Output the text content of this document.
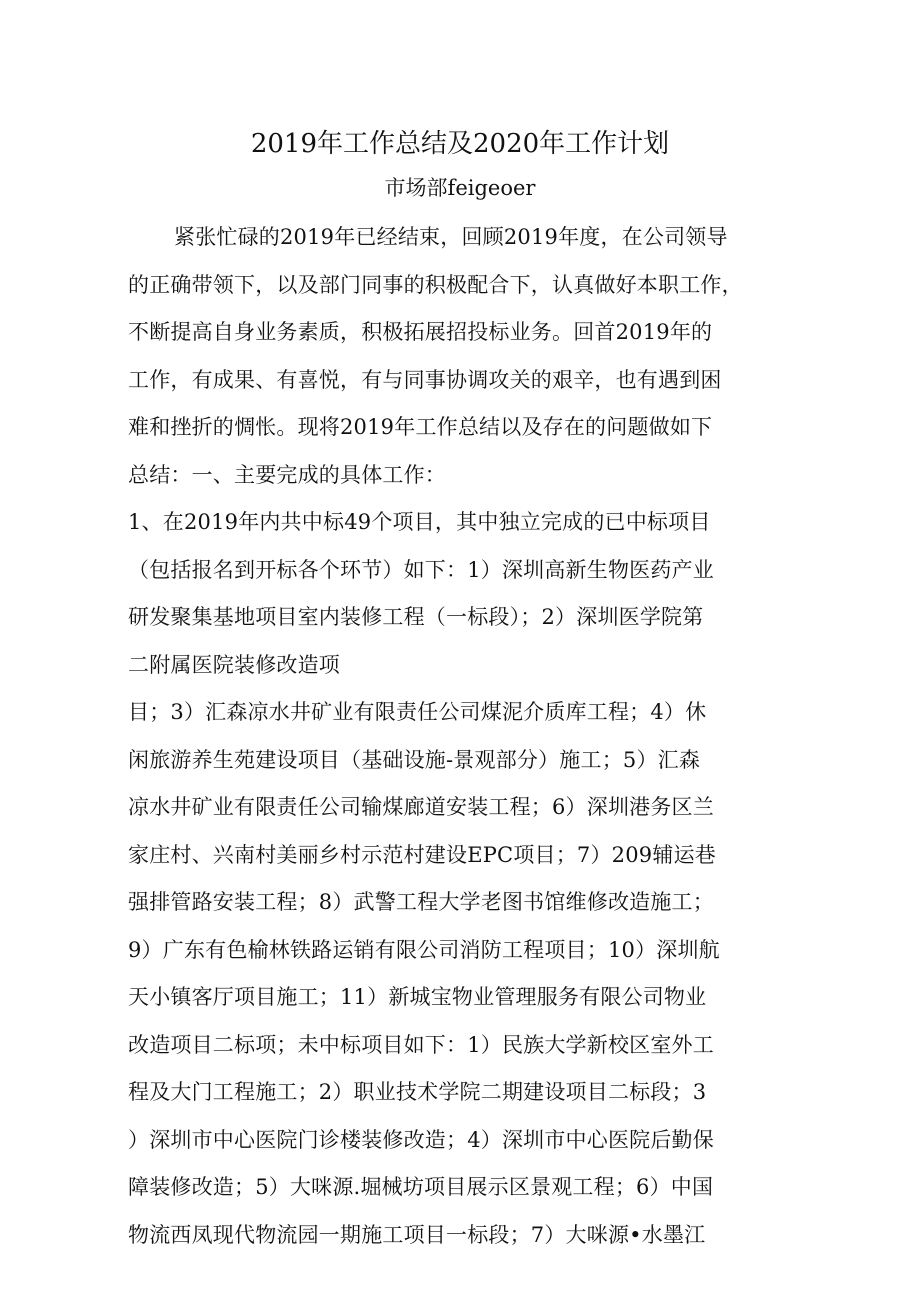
2019年工作总结及2020年工作计划
市场部feigeoer
紧张忙碌的2019年已经结束，回顾2019年度，在公司领导
的正确带领下，以及部门同事的积极配合下，认真做好本职工作，
不断提高自身业务素质，积极拓展招投标业务。回首2019年的
工作，有成果、有喜悦，有与同事协调攻关的艰辛，也有遇到困
难和挫折的惆怅。现将2019年工作总结以及存在的问题做如下
总结：一、主要完成的具体工作：
1、在2019年内共中标49个项目，其中独立完成的已中标项目
（包括报名到开标各个环节）如下：1）深圳高新生物医药产业
研发聚集基地项目室内装修工程（一标段）；2）深圳医学院第
二附属医院装修改造项
目；3）汇森凉水井矿业有限责任公司煤泥介质库工程；4）休
闲旅游养生苑建设项目（基础设施-景观部分）施工；5）汇森
凉水井矿业有限责任公司输煤廊道安装工程；6）深圳港务区兰
家庄村、兴南村美丽乡村示范村建设EPC项目；7）209辅运巷
强排管路安装工程；8）武警工程大学老图书馆维修改造施工；
9）广东有色榆林铁路运销有限公司消防工程项目；10）深圳航
天小镇客厅项目施工；11）新城宝物业管理服务有限公司物业
改造项目二标项；未中标项目如下：1）民族大学新校区室外工
程及大门工程施工；2）职业技术学院二期建设项目二标段；3
）深圳市中心医院门诊楼装修改造；4）深圳市中心医院后勤保
障装修改造；5）大咪源.堀械坊项目展示区景观工程；6）中国
物流西凤现代物流园一期施工项目一标段；7）大咪源•水墨江
